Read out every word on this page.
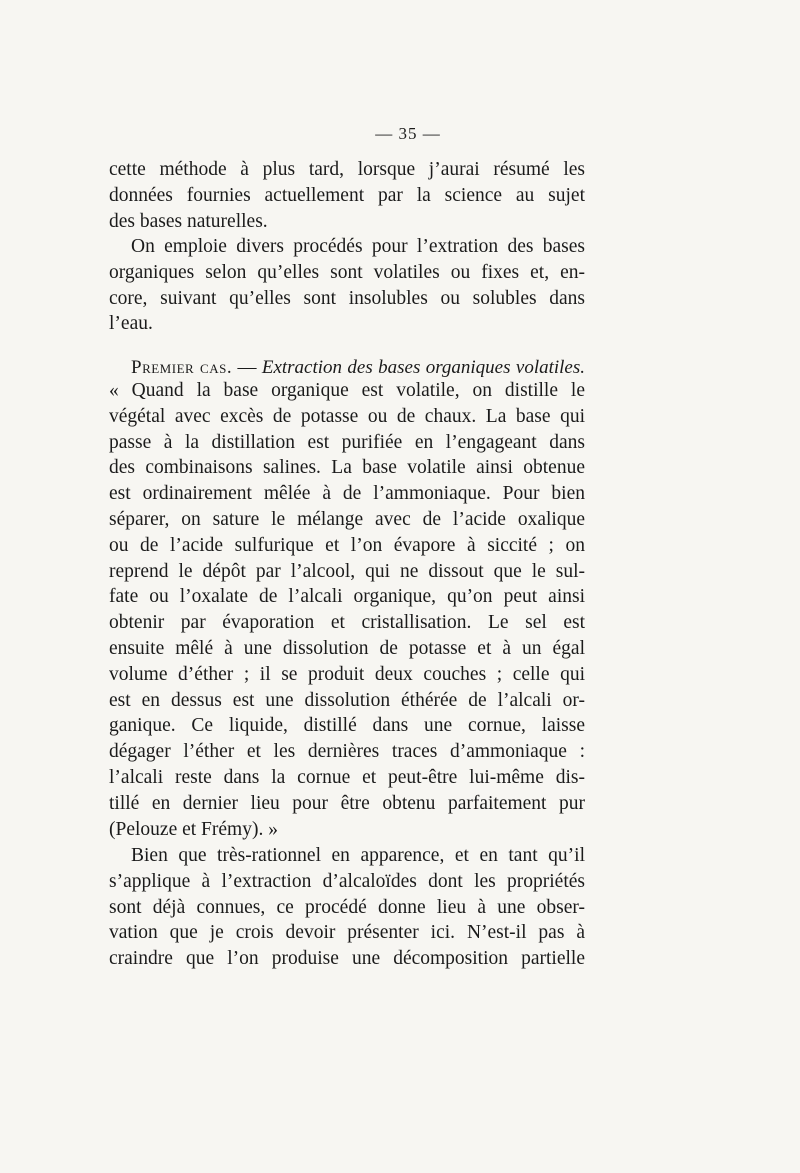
— 35 —
cette méthode à plus tard, lorsque j’aurai résumé les
données fournies actuellement par la science au sujet
des bases naturelles.
On emploie divers procédés pour l’extration des bases
organiques selon qu’elles sont volatiles ou fixes et, en-
core, suivant qu’elles sont insolubles ou solubles dans
l’eau.
Premier cas. — Extraction des bases organiques volatiles.
« Quand la base organique est volatile, on distille le
végétal avec excès de potasse ou de chaux. La base qui
passe à la distillation est purifiée en l’engageant dans
des combinaisons salines. La base volatile ainsi obtenue
est ordinairement mêlée à de l’ammoniaque. Pour bien
séparer, on sature le mélange avec de l’acide oxalique
ou de l’acide sulfurique et l’on évapore à siccité ; on
reprend le dépôt par l’alcool, qui ne dissout que le sul-
fate ou l’oxalate de l’alcali organique, qu’on peut ainsi
obtenir par évaporation et cristallisation. Le sel est
ensuite mêlé à une dissolution de potasse et à un égal
volume d’éther ; il se produit deux couches ; celle qui
est en dessus est une dissolution éthérée de l’alcali or-
ganique. Ce liquide, distillé dans une cornue, laisse
dégager l’éther et les dernières traces d’ammoniaque :
l’alcali reste dans la cornue et peut-être lui-même dis-
tillé en dernier lieu pour être obtenu parfaitement pur
(Pelouze et Frémy). »
Bien que très-rationnel en apparence, et en tant qu’il
s’applique à l’extraction d’alcaloïdes dont les propriétés
sont déjà connues, ce procédé donne lieu à une obser-
vation que je crois devoir présenter ici. N’est-il pas à
craindre que l’on produise une décomposition partielle
